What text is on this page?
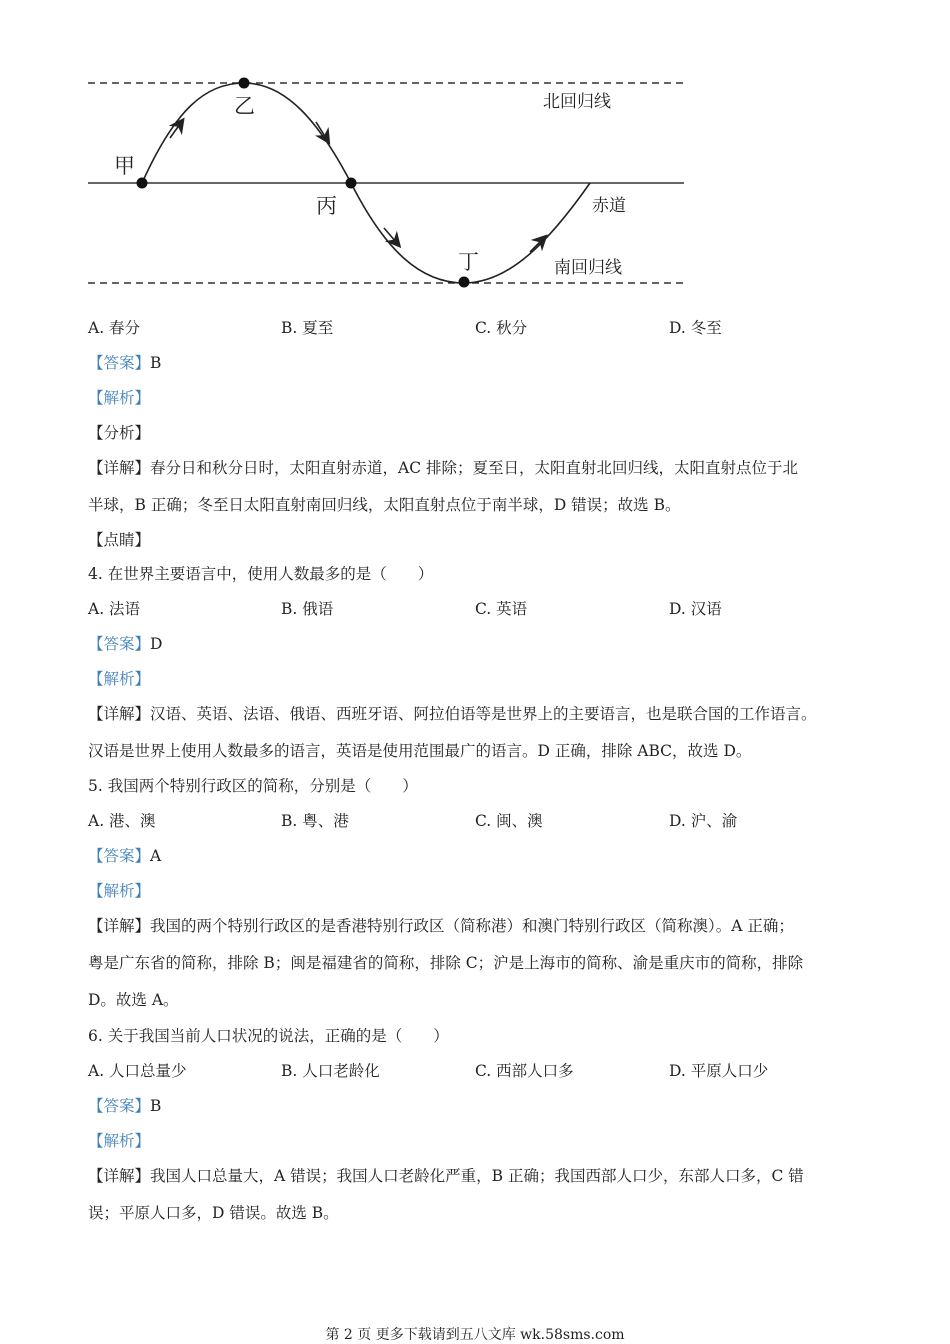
甲
乙
丙
丁
北回归线
赤道
南回归线
A. 春分	B. 夏至	C. 秋分	D. 冬至
【答案】B
【解析】
【分析】
【详解】春分日和秋分日时，太阳直射赤道，AC 排除；夏至日，太阳直射北回归线，太阳直射点位于北
半球，B 正确；冬至日太阳直射南回归线，太阳直射点位于南半球，D 错误；故选 B。
【点睛】
4. 在世界主要语言中，使用人数最多的是（　　）
A. 法语	B. 俄语	C. 英语	D. 汉语
【答案】D
【解析】
【详解】汉语、英语、法语、俄语、西班牙语、阿拉伯语等是世界上的主要语言，也是联合国的工作语言。
汉语是世界上使用人数最多的语言，英语是使用范围最广的语言。D 正确，排除 ABC，故选 D。
5. 我国两个特别行政区的简称，分别是（　　）
A. 港、澳	B. 粤、港	C. 闽、澳	D. 沪、渝
【答案】A
【解析】
【详解】我国的两个特别行政区的是香港特别行政区（简称港）和澳门特别行政区（简称澳）。A 正确；
粤是广东省的简称，排除 B；闽是福建省的简称，排除 C；沪是上海市的简称、渝是重庆市的简称，排除
D。故选 A。
6. 关于我国当前人口状况的说法，正确的是（　　）
A. 人口总量少	B. 人口老龄化	C. 西部人口多	D. 平原人口少
【答案】B
【解析】
【详解】我国人口总量大，A 错误；我国人口老龄化严重，B 正确；我国西部人口少，东部人口多，C 错
误；平原人口多，D 错误。故选 B。
第 2 页 更多下载请到五八文库 wk.58sms.com
